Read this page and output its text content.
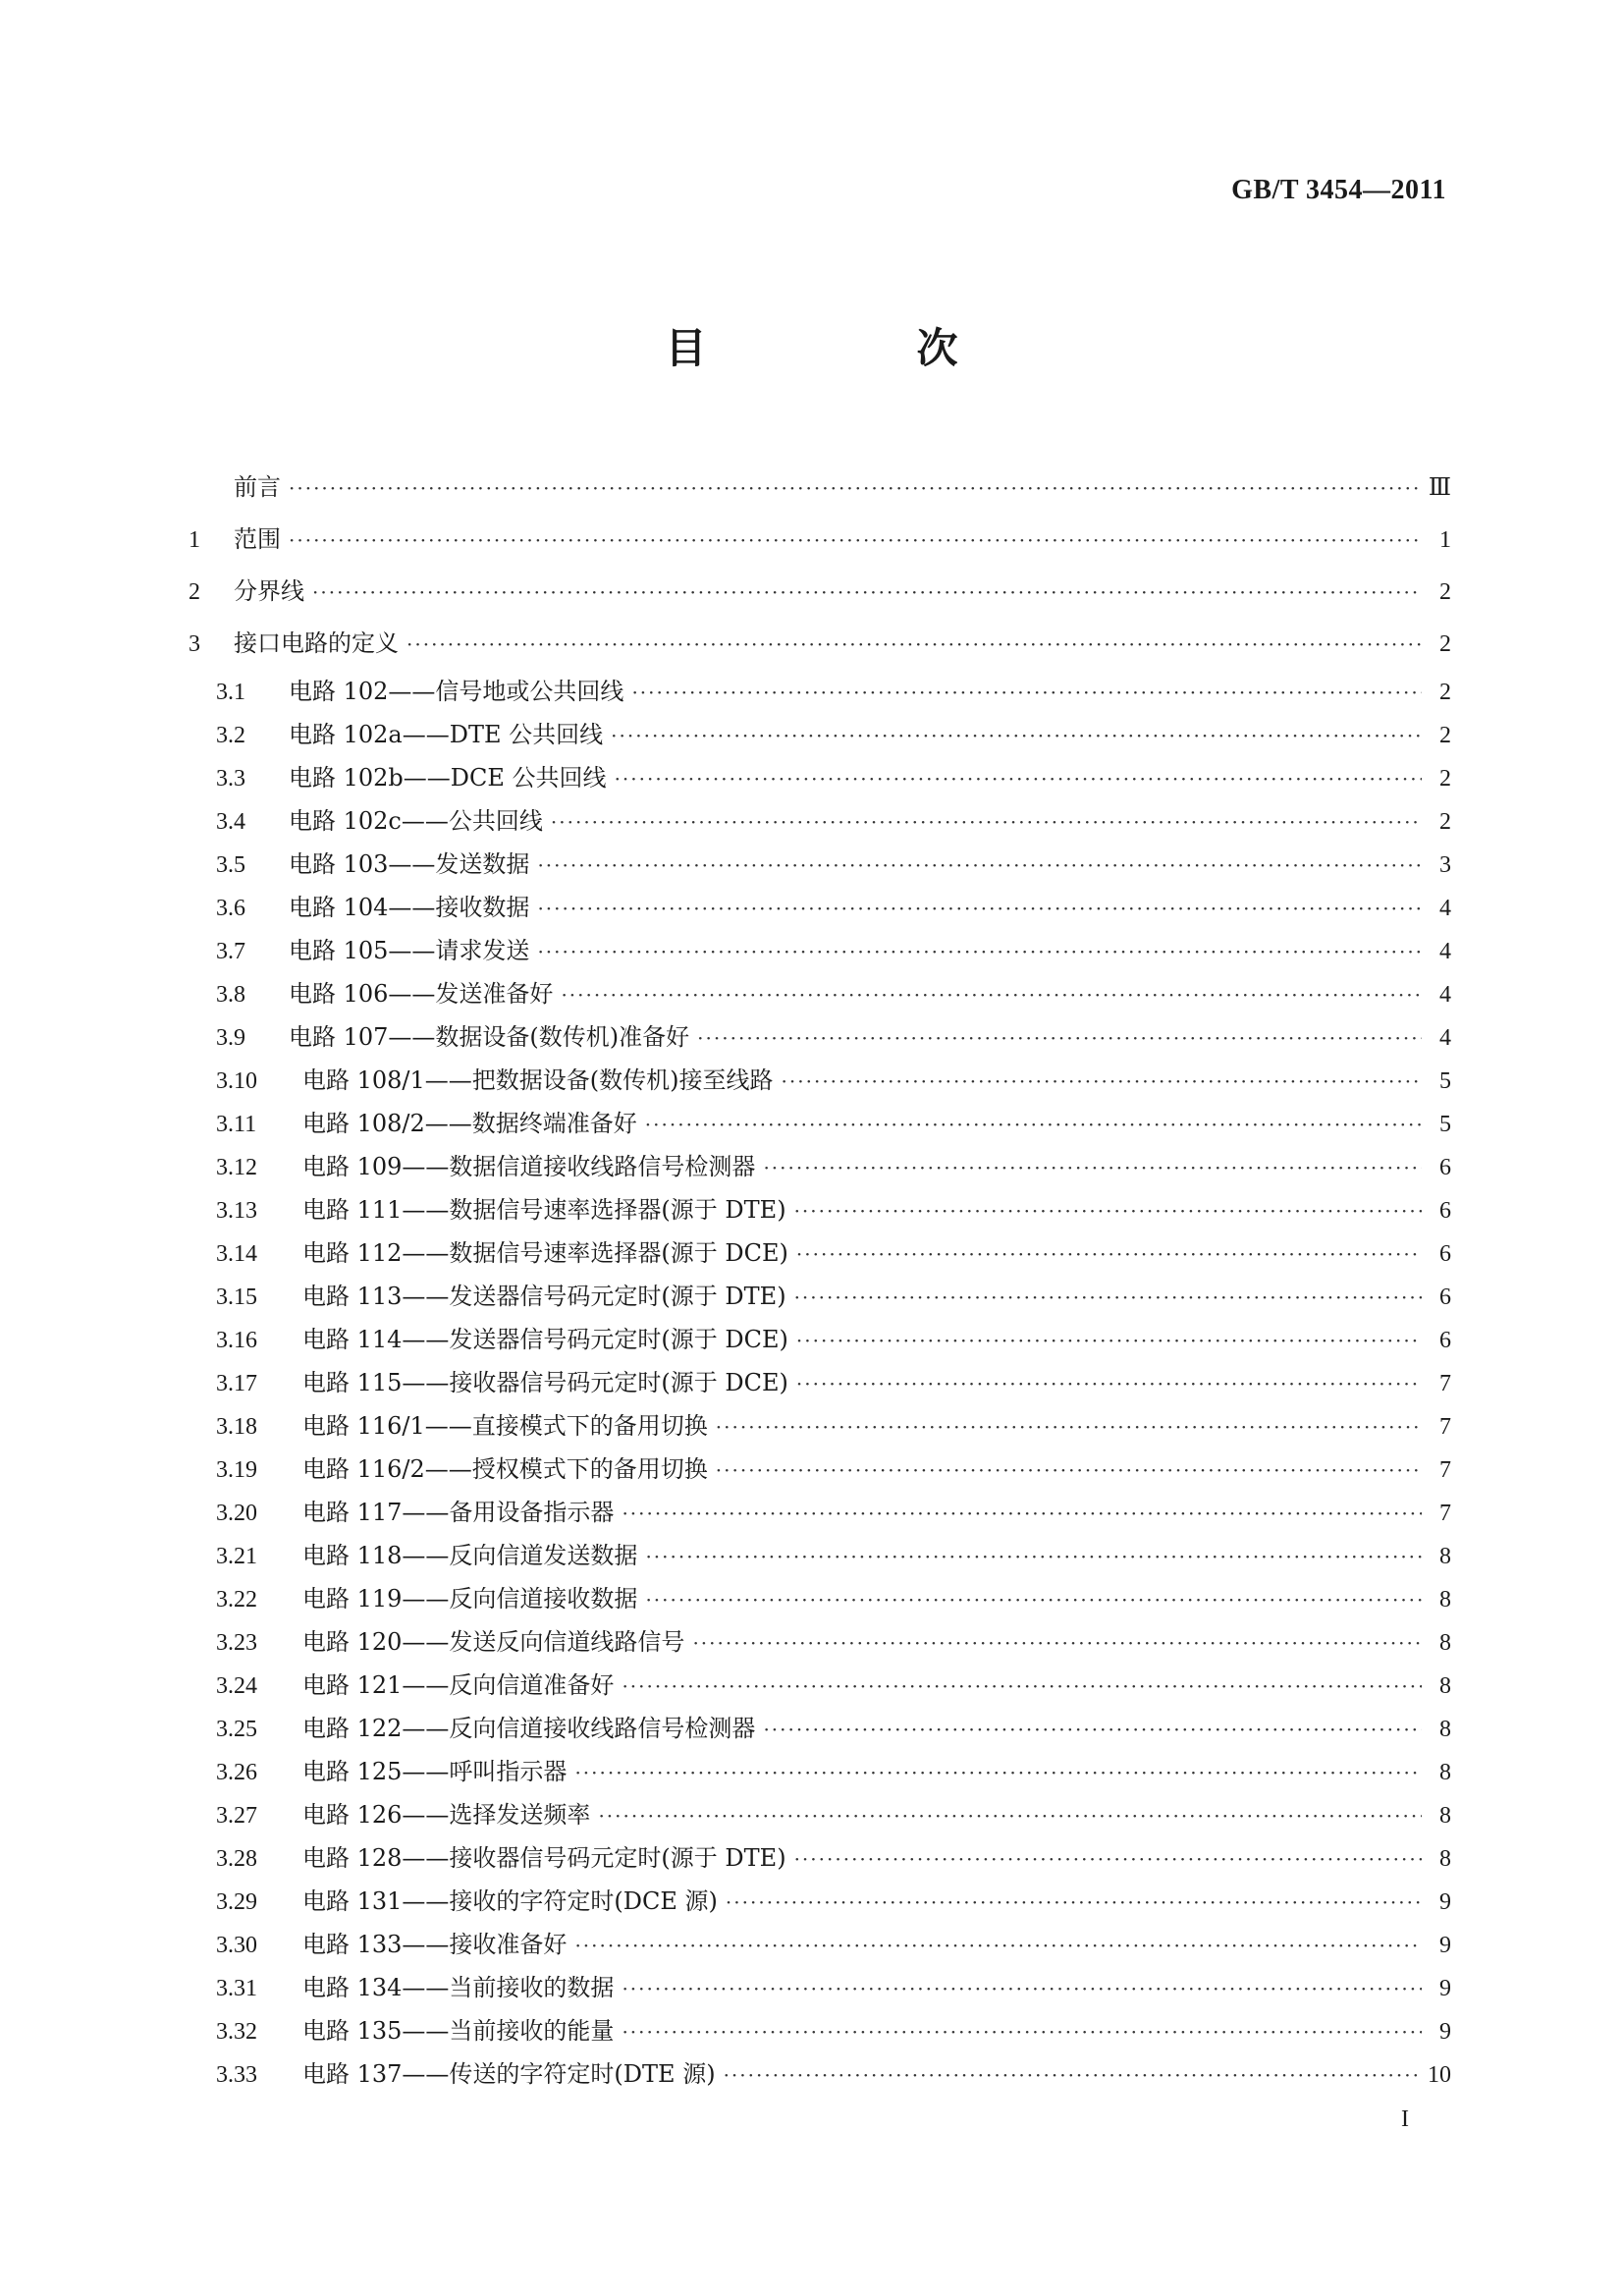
GB/T 3454—2011
目　次
前言 ·····	Ⅲ
1	范围 ·····	1
2	分界线 ·····	2
3	接口电路的定义 ·····	2
3.1	电路 102——信号地或公共回线 ·····	2
3.2	电路 102a——DTE 公共回线 ·····	2
3.3	电路 102b——DCE 公共回线 ·····	2
3.4	电路 102c——公共回线 ·····	2
3.5	电路 103——发送数据 ·····	3
3.6	电路 104——接收数据 ·····	4
3.7	电路 105——请求发送 ·····	4
3.8	电路 106——发送准备好 ·····	4
3.9	电路 107——数据设备(数传机)准备好 ·····	4
3.10	电路 108/1——把数据设备(数传机)接至线路 ·····	5
3.11	电路 108/2——数据终端准备好 ·····	5
3.12	电路 109——数据信道接收线路信号检测器 ·····	6
3.13	电路 111——数据信号速率选择器(源于 DTE) ·····	6
3.14	电路 112——数据信号速率选择器(源于 DCE) ·····	6
3.15	电路 113——发送器信号码元定时(源于 DTE) ·····	6
3.16	电路 114——发送器信号码元定时(源于 DCE) ·····	6
3.17	电路 115——接收器信号码元定时(源于 DCE) ·····	7
3.18	电路 116/1——直接模式下的备用切换 ·····	7
3.19	电路 116/2——授权模式下的备用切换 ·····	7
3.20	电路 117——备用设备指示器 ·····	7
3.21	电路 118——反向信道发送数据 ·····	8
3.22	电路 119——反向信道接收数据 ·····	8
3.23	电路 120——发送反向信道线路信号 ·····	8
3.24	电路 121——反向信道准备好 ·····	8
3.25	电路 122——反向信道接收线路信号检测器 ·····	8
3.26	电路 125——呼叫指示器 ·····	8
3.27	电路 126——选择发送频率 ·····	8
3.28	电路 128——接收器信号码元定时(源于 DTE) ·····	8
3.29	电路 131——接收的字符定时(DCE 源) ·····	9
3.30	电路 133——接收准备好 ·····	9
3.31	电路 134——当前接收的数据 ·····	9
3.32	电路 135——当前接收的能量 ·····	9
3.33	电路 137——传送的字符定时(DTE 源) ·····	10
I
